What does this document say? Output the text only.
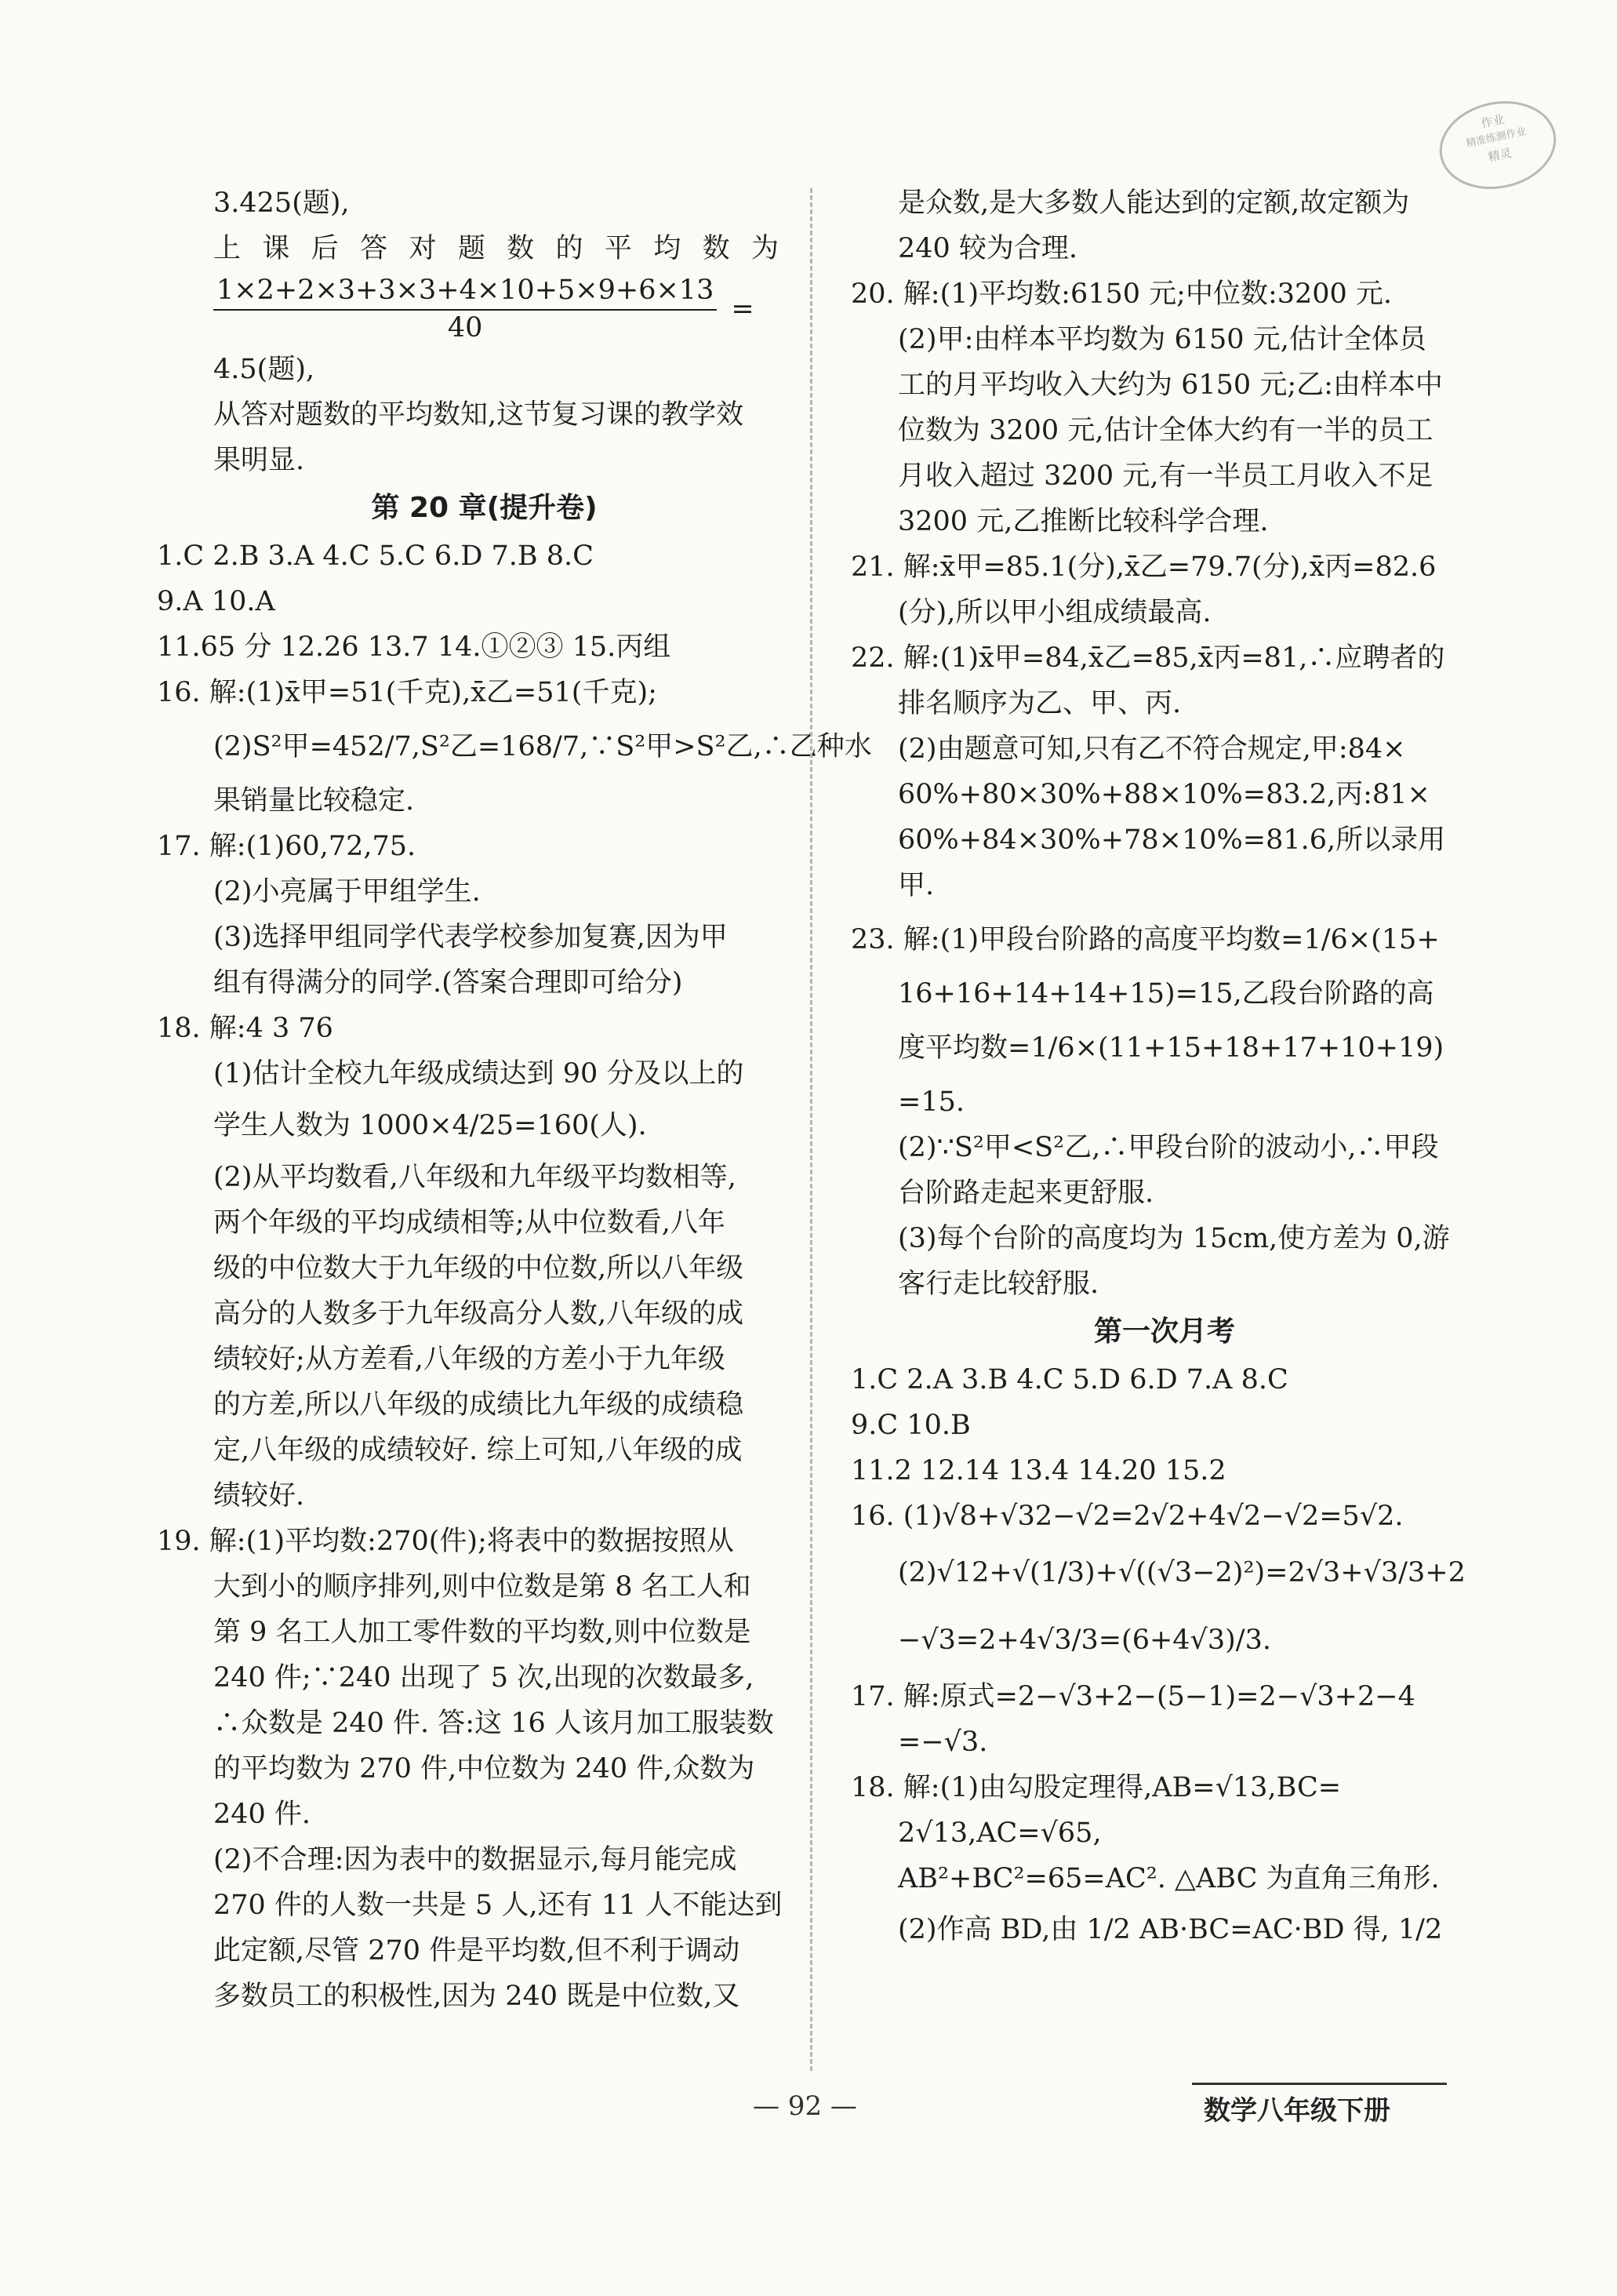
作业
精准练测作业
精灵
3.425(题),
上 课 后 答 对 题 数 的 平 均 数 为
$\frac{1\times 2+2\times 3+3\times 3+4\times 10+5\times 9+6\times 13}{40}$ =
4.5(题),
从答对题数的平均数知,这节复习课的教学效
果明显.
第 20 章(提升卷)
1.C 2.B 3.A 4.C 5.C 6.D 7.B 8.C
9.A 10.A
11.65 分 12.26 13.7 14.①②③ 15.丙组
16. 解:(1)x̄甲=51(千克),x̄乙=51(千克);
(2)S²甲=452/7,S²乙=168/7,∵S²甲>S²乙,∴乙种水
果销量比较稳定.
17. 解:(1)60,72,75.
(2)小亮属于甲组学生.
(3)选择甲组同学代表学校参加复赛,因为甲
组有得满分的同学.(答案合理即可给分)
18. 解:4 3 76
(1)估计全校九年级成绩达到 90 分及以上的
学生人数为 1000×4/25=160(人).
(2)从平均数看,八年级和九年级平均数相等,
两个年级的平均成绩相等;从中位数看,八年
级的中位数大于九年级的中位数,所以八年级
高分的人数多于九年级高分人数,八年级的成
绩较好;从方差看,八年级的方差小于九年级
的方差,所以八年级的成绩比九年级的成绩稳
定,八年级的成绩较好. 综上可知,八年级的成
绩较好.
19. 解:(1)平均数:270(件);将表中的数据按照从
大到小的顺序排列,则中位数是第 8 名工人和
第 9 名工人加工零件数的平均数,则中位数是
240 件;∵240 出现了 5 次,出现的次数最多,
∴众数是 240 件. 答:这 16 人该月加工服装数
的平均数为 270 件,中位数为 240 件,众数为
240 件.
(2)不合理:因为表中的数据显示,每月能完成
270 件的人数一共是 5 人,还有 11 人不能达到
此定额,尽管 270 件是平均数,但不利于调动
多数员工的积极性,因为 240 既是中位数,又
是众数,是大多数人能达到的定额,故定额为
240 较为合理.
20. 解:(1)平均数:6150 元;中位数:3200 元.
(2)甲:由样本平均数为 6150 元,估计全体员
工的月平均收入大约为 6150 元;乙:由样本中
位数为 3200 元,估计全体大约有一半的员工
月收入超过 3200 元,有一半员工月收入不足
3200 元,乙推断比较科学合理.
21. 解:x̄甲=85.1(分),x̄乙=79.7(分),x̄丙=82.6
(分),所以甲小组成绩最高.
22. 解:(1)x̄甲=84,x̄乙=85,x̄丙=81,∴应聘者的
排名顺序为乙、甲、丙.
(2)由题意可知,只有乙不符合规定,甲:84×
60%+80×30%+88×10%=83.2,丙:81×
60%+84×30%+78×10%=81.6,所以录用
甲.
23. 解:(1)甲段台阶路的高度平均数=1/6×(15+
16+16+14+14+15)=15,乙段台阶路的高
度平均数=1/6×(11+15+18+17+10+19)
=15.
(2)∵S²甲<S²乙,∴甲段台阶的波动小,∴甲段
台阶路走起来更舒服.
(3)每个台阶的高度均为 15cm,使方差为 0,游
客行走比较舒服.
第一次月考
1.C 2.A 3.B 4.C 5.D 6.D 7.A 8.C
9.C 10.B
11.2 12.14 13.4 14.20 15.2
16. (1)√8+√32−√2=2√2+4√2−√2=5√2.
(2)√12+√(1/3)+√((√3−2)²)=2√3+√3/3+2
−√3=2+4√3/3=(6+4√3)/3.
17. 解:原式=2−√3+2−(5−1)=2−√3+2−4
=−√3.
18. 解:(1)由勾股定理得,AB=√13,BC=
2√13,AC=√65,
AB²+BC²=65=AC². △ABC 为直角三角形.
(2)作高 BD,由 1/2 AB·BC=AC·BD 得, 1/2
— 92 —	数学八年级下册
